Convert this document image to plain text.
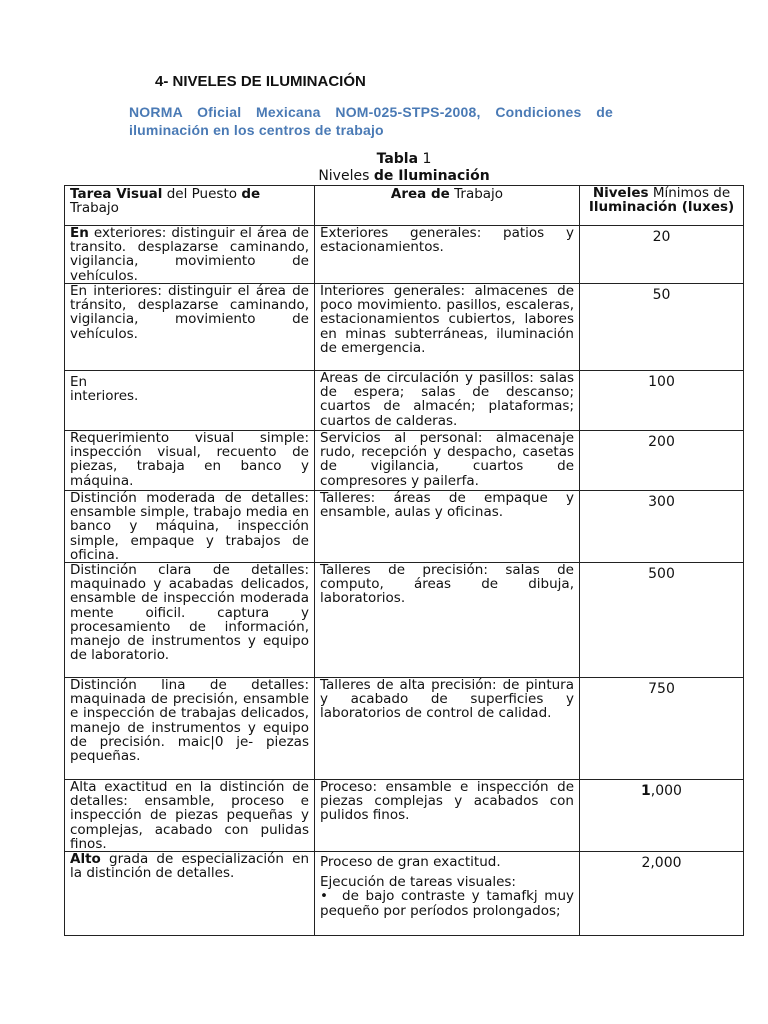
4- NIVELES DE ILUMINACIÓN
NORMA Oficial Mexicana NOM-025-STPS-2008, Condiciones de iluminación en los centros de trabajo
Tabla 1
Niveles de Iluminación
Tarea Visual del Puesto de
Trabajo	Area de Trabajo	Niveles Mínimos de
Iluminación (luxes)
En exteriores: distinguir el área de transito. desplazarse caminando, vigilancia, movimiento de vehículos.	Exteriores generales: patios y estacionamientos.	20
En interiores: distinguir el área de tránsito, desplazarse caminando, vigilancia, movimiento de vehículos.	Interiores generales: almacenes de poco movimiento. pasillos, escaleras, estacionamientos cubiertos, labores en minas subterráneas, iluminación de emergencia.	50
En
interiores.	Areas de circulación y pasillos: salas de espera; salas de descanso; cuartos de almacén; plataformas; cuartos de calderas.	100
Requerimiento visual simple: inspección visual, recuento de piezas, trabaja en banco y máquina.	Servicios al personal: almacenaje rudo, recepción y despacho, casetas de vigilancia, cuartos de compresores y pailerfa.	200
Distinción moderada de detalles: ensamble simple, trabajo media en banco y máquina, inspección simple, empaque y trabajos de oficina.	Talleres: áreas de empaque y ensamble, aulas y oficinas.	300
Distinción clara de detalles: maquinado y acabadas delicados, ensamble de inspección moderada mente oificil. captura y procesamiento de información, manejo de instrumentos y equipo de laboratorio.	Talleres de precisión: salas de computo, áreas de dibuja, laboratorios.	500
Distinción lina de detalles: maquinada de precisión, ensamble e inspección de trabajas delicados, manejo de instrumentos y equipo de precisión. maic|0 je- piezas pequeñas.	Talleres de alta precisión: de pintura y acabado de superficies y laboratorios de control de calidad.	750
Alta exactitud en la distinción de detalles: ensamble, proceso e inspección de piezas pequeñas y complejas, acabado con pulidas finos.	Proceso: ensamble e inspección de piezas complejas y acabados con pulidos finos.	1,000
Alto grada de especialización en la distinción de detalles.	Proceso de gran exactitud.
Ejecución de tareas visuales:
• de bajo contraste y tamafkj muy pequeño por períodos prolongados;	2,000
